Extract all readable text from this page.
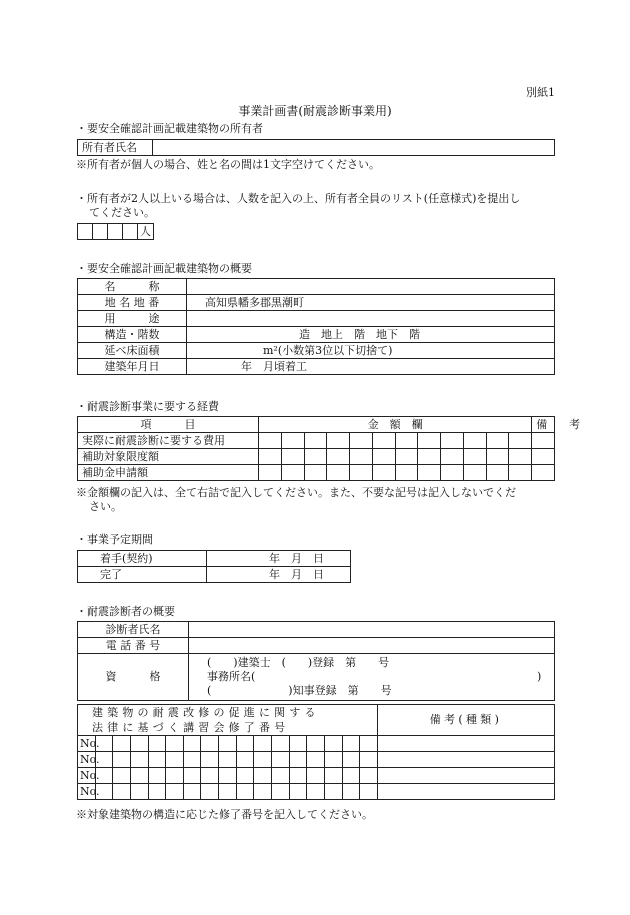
別紙1
事業計画書(耐震診断事業用)
・要安全確認計画記載建築物の所有者
所有者氏名	
※所有者が個人の場合、姓と名の間は1文字空けてください。
・所有者が2人以上いる場合は、人数を記入の上、所有者全員のリスト(任意様式)を提出し
てください。
				人
・要安全確認計画記載建築物の概要
名　　　称	
地 名 地 番	高知県幡多郡黒潮町
用　　　途	
構造・階数	造　地上　階　地下　階
延べ床面積	m²(小数第3位以下切捨て)
建築年月日	年　月頃着工
・耐震診断事業に要する経費
項　　　目	金　額　欄												備　　考
実際に耐震診断に要する費用													
補助対象限度額													
補助金申請額													
※金額欄の記入は、全て右詰で記入してください。また、不要な記号は記入しないでくだ
さい。
・事業予定期間
着手(契約)	年　月　日
完了	年　月　日
・耐震診断者の概要
診断者氏名	
電 話 番 号	
資　　　格	(　　)建築士　(　　)登録　第　　号
事務所名( )
(　　　　　　　)知事登録　第　　号
建築物の耐震改修の促進に関する
法律に基づく講習会修了番号																	備考(種類)
No.																	
No.																	
No.																	
No.																	
※対象建築物の構造に応じた修了番号を記入してください。
